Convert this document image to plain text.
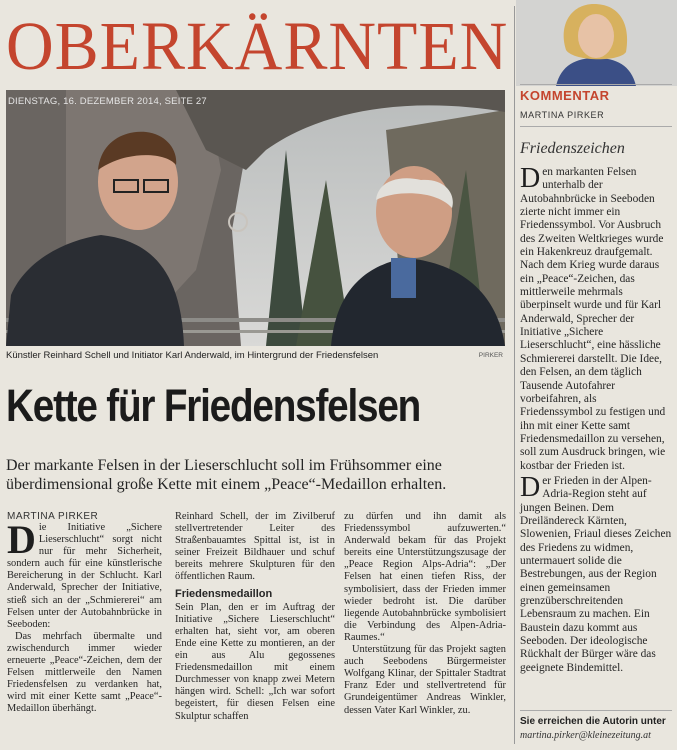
OBERKÄRNTEN
DIENSTAG, 16. DEZEMBER 2014, SEITE 27
Künstler Reinhard Schell und Initiator Karl Anderwald, im Hintergrund der Friedensfelsen	PIRKER
Kette für Friedensfelsen
Der markante Felsen in der Lieserschlucht soll im Frühsommer eine überdimensional große Kette mit einem „Peace“-Medaillon erhalten.
MARTINA PIRKER

Die Initiative „Sichere Lieserschlucht“ sorgt nicht nur für mehr Sicherheit, sondern auch für eine künstlerische Bereicherung in der Schlucht. Karl Anderwald, Sprecher der Initiative, stieß sich an der „Schmiererei“ am Felsen unter der Autobahnbrücke in Seeboden:

Das mehrfach übermalte und zwischendurch immer wieder erneuerte „Peace“-Zeichen, dem der Felsen mittlerweile den Namen Friedensfelsen zu verdanken hat, wird mit einer Kette samt „Peace“-Medaillon überhängt.

Reinhard Schell, der im Zivilberuf stellvertretender Leiter des Straßenbauamtes Spittal ist, ist in seiner Freizeit Bildhauer und schuf bereits mehrere Skulpturen für den öffentlichen Raum.

Friedensmedaillon

Sein Plan, den er im Auftrag der Initiative „Sichere Lieserschlucht“ erhalten hat, sieht vor, am oberen Ende eine Kette zu montieren, an der ein aus Alu gegossenes Friedensmedaillon mit einem Durchmesser von knapp zwei Metern hängen wird. Schell: „Ich war sofort begeistert, für diesen Felsen eine Skulptur schaffen

zu dürfen und ihn damit als Friedenssymbol aufzuwerten.“ Anderwald bekam für das Projekt bereits eine Unterstützungszusage der „Peace Region Alps-Adria“: „Der Felsen hat einen tiefen Riss, der symbolisiert, dass der Frieden immer wieder bedroht ist. Die darüber liegende Autobahnbrücke symbolisiert die Verbindung des Alpen-Adria-Raumes.“

Unterstützung für das Projekt sagten auch Seebodens Bürgermeister Wolfgang Klinar, der Spittaler Stadtrat Franz Eder und stellvertretend für Grundeigentümer Andreas Winkler, dessen Vater Karl Winkler, zu.

KOMMENTAR
MARTINA PIRKER
Friedenszeichen

Den markanten Felsen unterhalb der Autobahnbrücke in Seeboden zierte nicht immer ein Friedenssymbol. Vor Ausbruch des Zweiten Weltkrieges wurde ein Hakenkreuz draufgemalt. Nach dem Krieg wurde daraus ein „Peace“-Zeichen, das mittlerweile mehrmals überpinselt wurde und für Karl Anderwald, Sprecher der Initiative „Sichere Lieserschlucht“, eine hässliche Schmiererei darstellt. Die Idee, den Felsen, an dem täglich Tausende Autofahrer vorbeifahren, als Friedenssymbol zu festigen und ihn mit einer Kette samt Friedensmedaillon zu versehen, soll zum Ausdruck bringen, wie kostbar der Frieden ist.

Der Frieden in der Alpen-Adria-Region steht auf jungen Beinen. Dem Dreiländereck Kärnten, Slowenien, Friaul dieses Zeichen des Friedens zu widmen, untermauert solide die Bestrebungen, aus der Region einen gemeinsamen grenzüberschreitenden Lebensraum zu machen. Ein Baustein dazu kommt aus Seeboden. Der ideologische Rückhalt der Bürger wäre das geeignete Bindemittel.

Sie erreichen die Autorin unter
martina.pirker@kleinezeitung.at
